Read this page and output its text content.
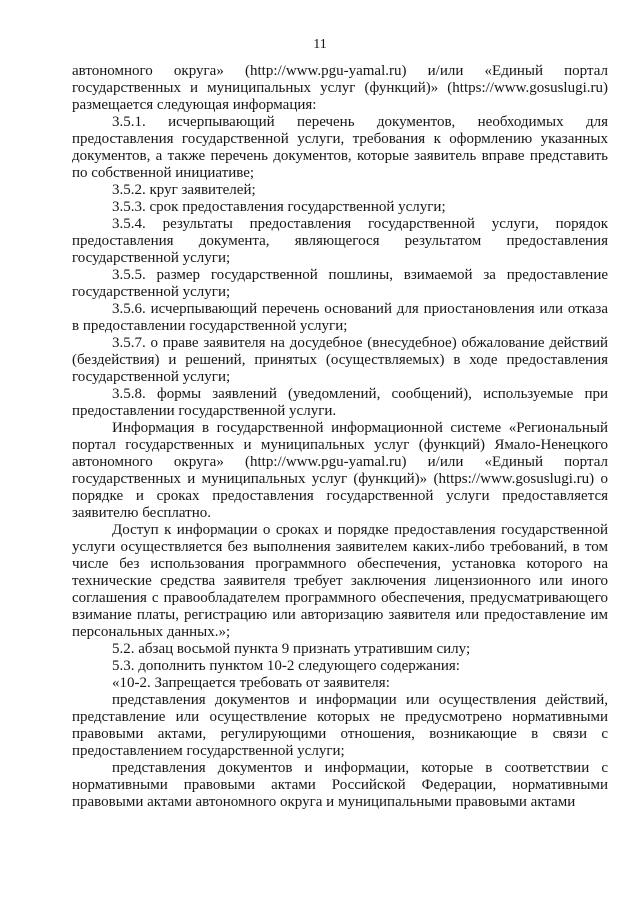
11

автономного округа» (http://www.pgu-yamal.ru) и/или «Единый портал государственных и муниципальных услуг (функций)» (https://www.gosuslugi.ru) размещается следующая информация:

3.5.1. исчерпывающий перечень документов, необходимых для предоставления государственной услуги, требования к оформлению указанных документов, а также перечень документов, которые заявитель вправе представить по собственной инициативе;

3.5.2. круг заявителей;

3.5.3. срок предоставления государственной услуги;

3.5.4. результаты предоставления государственной услуги, порядок предоставления документа, являющегося результатом предоставления государственной услуги;

3.5.5. размер государственной пошлины, взимаемой за предоставление государственной услуги;

3.5.6. исчерпывающий перечень оснований для приостановления или отказа в предоставлении государственной услуги;

3.5.7. о праве заявителя на досудебное (внесудебное) обжалование действий (бездействия) и решений, принятых (осуществляемых) в ходе предоставления государственной услуги;

3.5.8. формы заявлений (уведомлений, сообщений), используемые при предоставлении государственной услуги.

Информация в государственной информационной системе «Региональный портал государственных и муниципальных услуг (функций) Ямало-Ненецкого автономного округа» (http://www.pgu-yamal.ru) и/или «Единый портал государственных и муниципальных услуг (функций)» (https://www.gosuslugi.ru) о порядке и сроках предоставления государственной услуги предоставляется заявителю бесплатно.

Доступ к информации о сроках и порядке предоставления государственной услуги осуществляется без выполнения заявителем каких-либо требований, в том числе без использования программного обеспечения, установка которого на технические средства заявителя требует заключения лицензионного или иного соглашения с правообладателем программного обеспечения, предусматривающего взимание платы, регистрацию или авторизацию заявителя или предоставление им персональных данных.»;

5.2. абзац восьмой пункта 9 признать утратившим силу;

5.3. дополнить пунктом 10-2 следующего содержания:

«10-2. Запрещается требовать от заявителя:

представления документов и информации или осуществления действий, представление или осуществление которых не предусмотрено нормативными правовыми актами, регулирующими отношения, возникающие в связи с предоставлением государственной услуги;

представления документов и информации, которые в соответствии с нормативными правовыми актами Российской Федерации, нормативными правовыми актами автономного округа и муниципальными правовыми актами
